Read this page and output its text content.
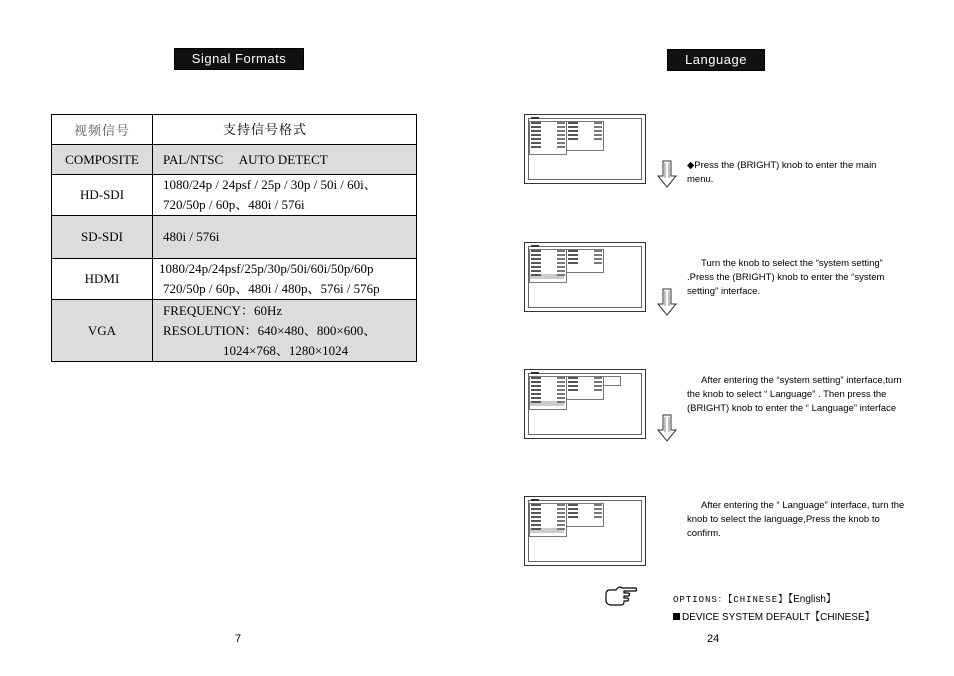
Signal Formats
视频信号	支持信号格式
COMPOSITE	PAL/NTSC     AUTO DETECT
HD-SDI	1080/24p / 24psf / 25p / 30p / 50i / 60i、
720/50p / 60p、480i / 576i

SD-SDI	480i / 576i
HDMI	1080/24p/24psf/25p/30p/50i/60i/50p/60p
720/50p / 60p、480i / 480p、576i / 576p

VGA	FREQUENCY：60Hz
RESOLUTION：640×480、800×600、
1024×768、1280×1024
7
Language
◆Press the (BRIGHT) knob to enter the main menu.
Turn the knob to select the “system setting” .Press the (BRIGHT) knob to enter the “system setting" interface.
After entering the “system setting” interface,turn the knob to select “ Language” . Then press the (BRIGHT) knob to enter the “ Language” interface
After entering the “ Language” interface, turn the knob to select the language,Press the knob to confirm.
OPTIONS：【CHINESE】【English】
DEVICE SYSTEM DEFAULT【CHINESE】
24
